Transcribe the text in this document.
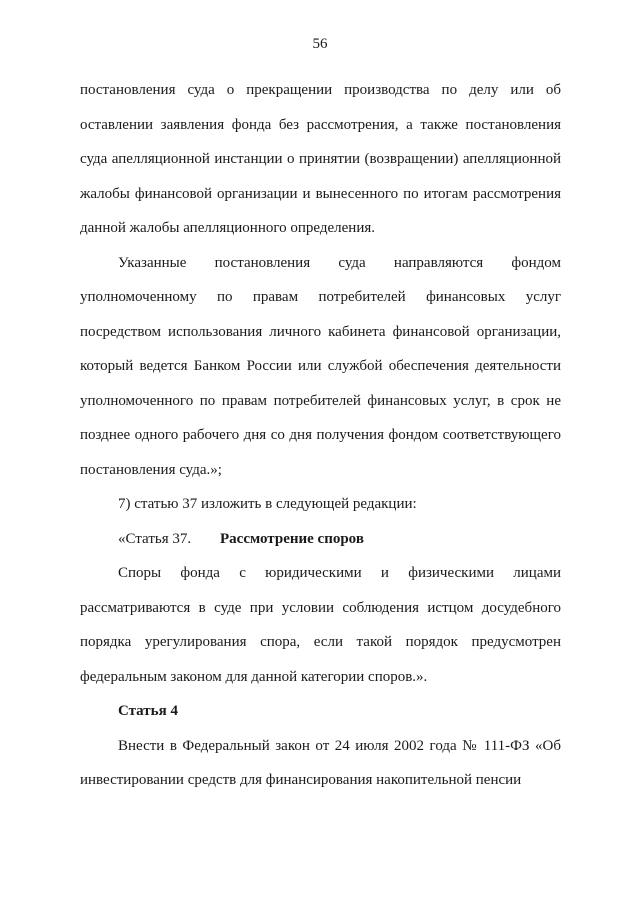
56

постановления суда о прекращении производства по делу или об оставлении заявления фонда без рассмотрения, а также постановления суда апелляционной инстанции о принятии (возвращении) апелляционной жалобы финансовой организации и вынесенного по итогам рассмотрения данной жалобы апелляционного определения.

Указанные постановления суда направляются фондом уполномоченному по правам потребителей финансовых услуг посредством использования личного кабинета финансовой организации, который ведется Банком России или службой обеспечения деятельности уполномоченного по правам потребителей финансовых услуг, в срок не позднее одного рабочего дня со дня получения фондом соответствующего постановления суда.»;

7) статью 37 изложить в следующей редакции:

«Статья 37. Рассмотрение споров

Споры фонда с юридическими и физическими лицами рассматриваются в суде при условии соблюдения истцом досудебного порядка урегулирования спора, если такой порядок предусмотрен федеральным законом для данной категории споров.».

Статья 4

Внести в Федеральный закон от 24 июля 2002 года № 111-ФЗ «Об инвестировании средств для финансирования накопительной пенсии
